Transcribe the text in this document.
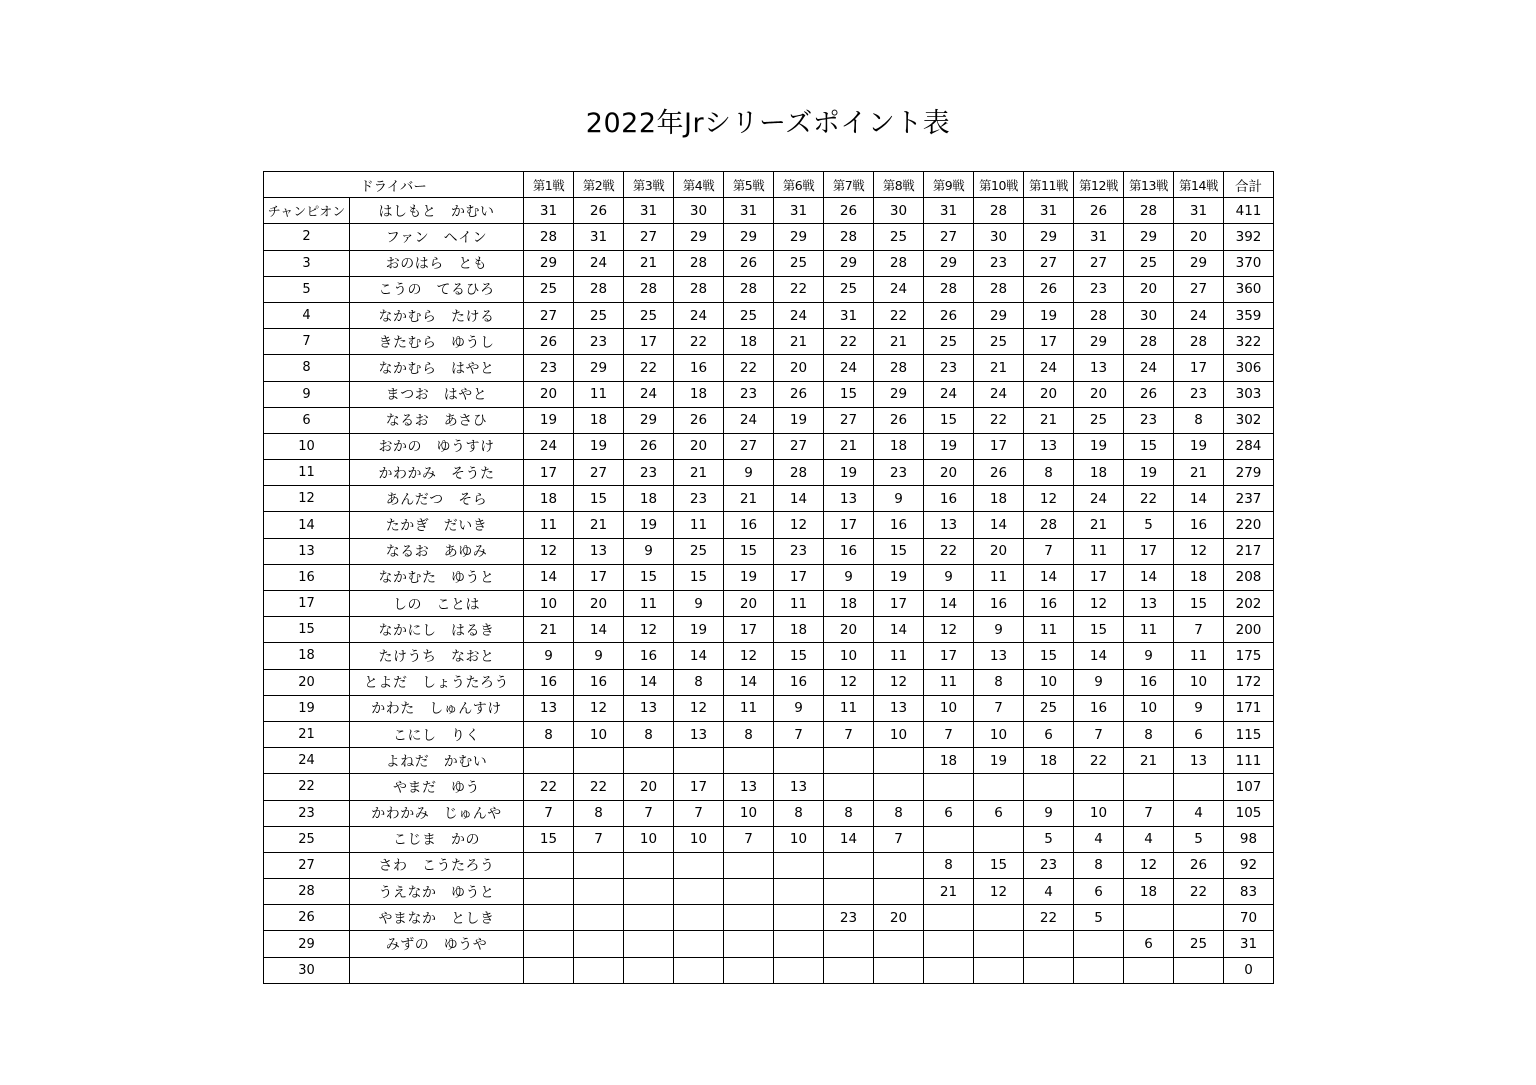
2022年Jrシリーズポイント表
ドライバー		第1戦	第2戦	第3戦	第4戦	第5戦	第6戦	第7戦	第8戦	第9戦	第10戦	第11戦	第12戦	第13戦	第14戦	合計
チャンピオン	はしもと　かむい	31	26	31	30	31	31	26	30	31	28	31	26	28	31	411
2	ファン　ヘイン	28	31	27	29	29	29	28	25	27	30	29	31	29	20	392
3	おのはら　とも	29	24	21	28	26	25	29	28	29	23	27	27	25	29	370
5	こうの　てるひろ	25	28	28	28	28	22	25	24	28	28	26	23	20	27	360
4	なかむら　たける	27	25	25	24	25	24	31	22	26	29	19	28	30	24	359
7	きたむら　ゆうし	26	23	17	22	18	21	22	21	25	25	17	29	28	28	322
8	なかむら　はやと	23	29	22	16	22	20	24	28	23	21	24	13	24	17	306
9	まつお　はやと	20	11	24	18	23	26	15	29	24	24	20	20	26	23	303
6	なるお　あさひ	19	18	29	26	24	19	27	26	15	22	21	25	23	8	302
10	おかの　ゆうすけ	24	19	26	20	27	27	21	18	19	17	13	19	15	19	284
11	かわかみ　そうた	17	27	23	21	9	28	19	23	20	26	8	18	19	21	279
12	あんだつ　そら	18	15	18	23	21	14	13	9	16	18	12	24	22	14	237
14	たかぎ　だいき	11	21	19	11	16	12	17	16	13	14	28	21	5	16	220
13	なるお　あゆみ	12	13	9	25	15	23	16	15	22	20	7	11	17	12	217
16	なかむた　ゆうと	14	17	15	15	19	17	9	19	9	11	14	17	14	18	208
17	しの　ことは	10	20	11	9	20	11	18	17	14	16	16	12	13	15	202
15	なかにし　はるき	21	14	12	19	17	18	20	14	12	9	11	15	11	7	200
18	たけうち　なおと	9	9	16	14	12	15	10	11	17	13	15	14	9	11	175
20	とよだ　しょうたろう	16	16	14	8	14	16	12	12	11	8	10	9	16	10	172
19	かわた　しゅんすけ	13	12	13	12	11	9	11	13	10	7	25	16	10	9	171
21	こにし　りく	8	10	8	13	8	7	7	10	7	10	6	7	8	6	115
24	よねだ　かむい									18	19	18	22	21	13	111
22	やまだ　ゆう	22	22	20	17	13	13									107
23	かわかみ　じゅんや	7	8	7	7	10	8	8	8	6	6	9	10	7	4	105
25	こじま　かの	15	7	10	10	7	10	14	7			5	4	4	5	98
27	さわ　こうたろう									8	15	23	8	12	26	92
28	うえなか　ゆうと									21	12	4	6	18	22	83
26	やまなか　としき							23	20			22	5			70
29	みずの　ゆうや													6	25	31
30																0
